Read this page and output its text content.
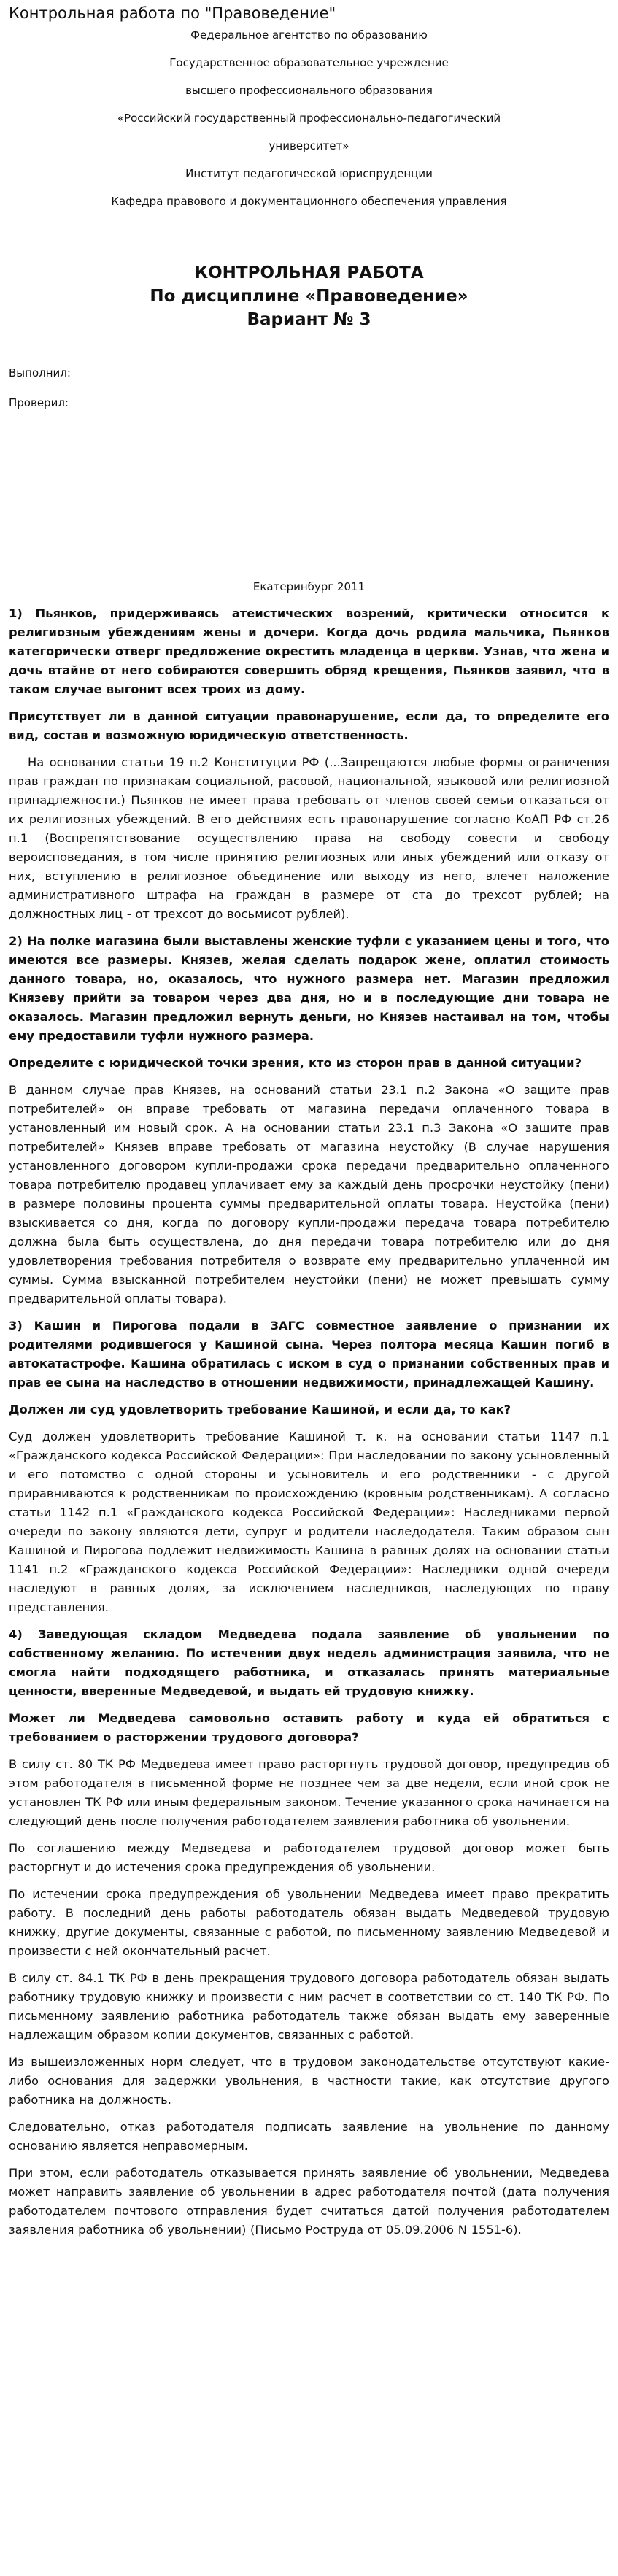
Контрольная работа по "Правоведение"
Федеральное агентство по образованию
Государственное образовательное учреждение
высшего профессионального образования
«Российский государственный профессионально-педагогический
университет»
Институт педагогической юриспруденции
Кафедра правового и документационного обеспечения управления

КОНТРОЛЬНАЯ РАБОТА

По дисциплине «Правоведение»

Вариант № 3

Выполнил:

Проверил:

Екатеринбург 2011

1) Пьянков, придерживаясь атеистических возрений, критически относится к религиозным убеждениям жены и дочери. Когда дочь родила мальчика, Пьянков категорически отверг предложение окрестить младенца в церкви. Узнав, что жена и дочь втайне от него собираются совершить обряд крещения, Пьянков заявил, что в таком случае выгонит всех троих из дому.

Присутствует ли в данной ситуации правонарушение, если да, то определите его вид, состав и возможную юридическую ответственность.

На основании статьи 19 п.2 Конституции РФ (...Запрещаются любые формы ограничения прав граждан по признакам социальной, расовой, национальной, языковой или религиозной принадлежности.) Пьянков не имеет права требовать от членов своей семьи отказаться от их религиозных убеждений. В его действиях есть правонарушение согласно КоАП РФ ст.26 п.1 (Воспрепятствование осуществлению права на свободу совести и свободу вероисповедания, в том числе принятию религиозных или иных убеждений или отказу от них, вступлению в религиозное объединение или выходу из него, влечет наложение административного штрафа на граждан в размере от ста до трехсот рублей; на должностных лиц - от трехсот до восьмисот рублей).

2) На полке магазина были выставлены женские туфли с указанием цены и того, что имеются все размеры. Князев, желая сделать подарок жене, оплатил стоимость данного товара, но, оказалось, что нужного размера нет. Магазин предложил Князеву прийти за товаром через два дня, но и в последующие дни товара не оказалось. Магазин предложил вернуть деньги, но Князев настаивал на том, чтобы ему предоставили туфли нужного размера.

Определите с юридической точки зрения, кто из сторон прав в данной ситуации?

В данном случае прав Князев, на оснований статьи 23.1 п.2 Закона «О защите прав потребителей» он вправе требовать от магазина передачи оплаченного товара в установленный им новый срок. А на основании статьи 23.1 п.3 Закона «О защите прав потребителей» Князев вправе требовать от магазина неустойку (В случае нарушения установленного договором купли-продажи срока передачи предварительно оплаченного товара потребителю продавец уплачивает ему за каждый день просрочки неустойку (пени) в размере половины процента суммы предварительной оплаты товара. Неустойка (пени) взыскивается со дня, когда по договору купли-продажи передача товара потребителю должна была быть осуществлена, до дня передачи товара потребителю или до дня удовлетворения требования потребителя о возврате ему предварительно уплаченной им суммы. Сумма взысканной потребителем неустойки (пени) не может превышать сумму предварительной оплаты товара).

3) Кашин и Пирогова подали в ЗАГС совместное заявление о признании их родителями родившегося у Кашиной сына. Через полтора месяца Кашин погиб в автокатастрофе. Кашина обратилась с иском в суд о признании собственных прав и прав ее сына на наследство в отношении недвижимости, принадлежащей Кашину.

Должен ли суд удовлетворить требование Кашиной, и если да, то как?

Суд должен удовлетворить требование Кашиной т. к. на основании статьи 1147 п.1 «Гражданского кодекса Российской Федерации»: При наследовании по закону усыновленный и его потомство с одной стороны и усыновитель и его родственники - с другой приравниваются к родственникам по происхождению (кровным родственникам). А согласно статьи 1142 п.1 «Гражданского кодекса Российской Федерации»: Наследниками первой очереди по закону являются дети, супруг и родители наследодателя. Таким образом сын Кашиной и Пирогова подлежит недвижимость Кашина в равных долях на основании статьи 1141 п.2 «Гражданского кодекса Российской Федерации»: Наследники одной очереди наследуют в равных долях, за исключением наследников, наследующих по праву представления.

4) Заведующая складом Медведева подала заявление об увольнении по собственному желанию. По истечении двух недель администрация заявила, что не смогла найти подходящего работника, и отказалась принять материальные ценности, вверенные Медведевой, и выдать ей трудовую книжку.

Может ли Медведева самовольно оставить работу и куда ей обратиться с требованием о расторжении трудового договора?

В силу ст. 80 ТК РФ Медведева имеет право расторгнуть трудовой договор, предупредив об этом работодателя в письменной форме не позднее чем за две недели, если иной срок не установлен ТК РФ или иным федеральным законом. Течение указанного срока начинается на следующий день после получения работодателем заявления работника об увольнении.

По соглашению между Медведева и работодателем трудовой договор может быть расторгнут и до истечения срока предупреждения об увольнении.

По истечении срока предупреждения об увольнении Медведева имеет право прекратить работу. В последний день работы работодатель обязан выдать Медведевой трудовую книжку, другие документы, связанные с работой, по письменному заявлению Медведевой и произвести с ней окончательный расчет.

В силу ст. 84.1 ТК РФ в день прекращения трудового договора работодатель обязан выдать работнику трудовую книжку и произвести с ним расчет в соответствии со ст. 140 ТК РФ. По письменному заявлению работника работодатель также обязан выдать ему заверенные надлежащим образом копии документов, связанных с работой.

Из вышеизложенных норм следует, что в трудовом законодательстве отсутствуют какие-либо основания для задержки увольнения, в частности такие, как отсутствие другого работника на должность.

Следовательно, отказ работодателя подписать заявление на увольнение по данному основанию является неправомерным.

При этом, если работодатель отказывается принять заявление об увольнении, Медведева может направить заявление об увольнении в адрес работодателя почтой (дата получения работодателем почтового отправления будет считаться датой получения работодателем заявления работника об увольнении) (Письмо Роструда от 05.09.2006 N 1551-6).
